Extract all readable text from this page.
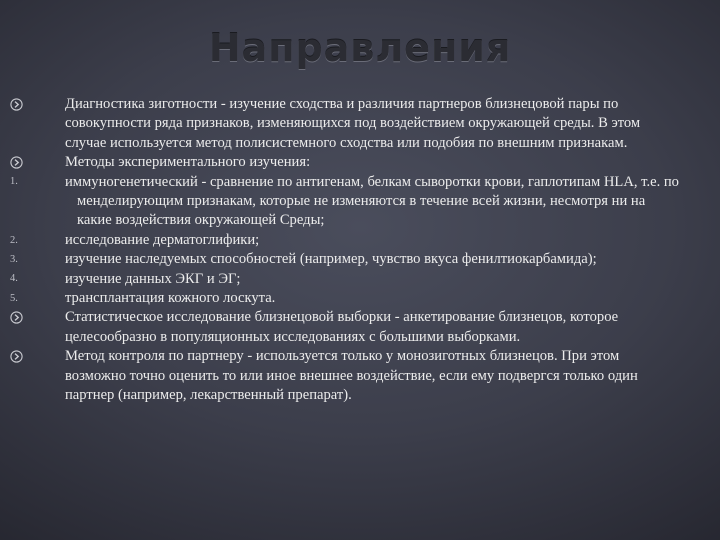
Направления
Диагностика зиготности - изучение сходства и различия партнеров близнецовой пары по совокупности ряда признаков, изменяющихся под воздействием окружающей среды. В этом случае используется метод полисистемного сходства или подобия по внешним признакам.
Методы экспериментального изучения:
1.	иммуногенетический - сравнение по антигенам, белкам сыворотки крови, гаплотипам HLA, т.е. по менделирующим признакам, которые не изменяются в течение всей жизни, несмотря ни на какие воздействия окружающей Среды;
2.	исследование дерматоглифики;
3.	изучение наследуемых способностей (например, чувство вкуса фенилтиокарбамида);
4.	изучение данных ЭКГ и ЭГ;
5.	трансплантация кожного лоскута.
Статистическое исследование близнецовой выборки - анкетирование близнецов, которое целесообразно в популяционных исследованиях с большими выборками.
Метод контроля по партнеру - используется только у монозиготных близнецов. При этом возможно точно оценить то или иное внешнее воздействие, если ему подвергся только один партнер (например, лекарственный препарат).
